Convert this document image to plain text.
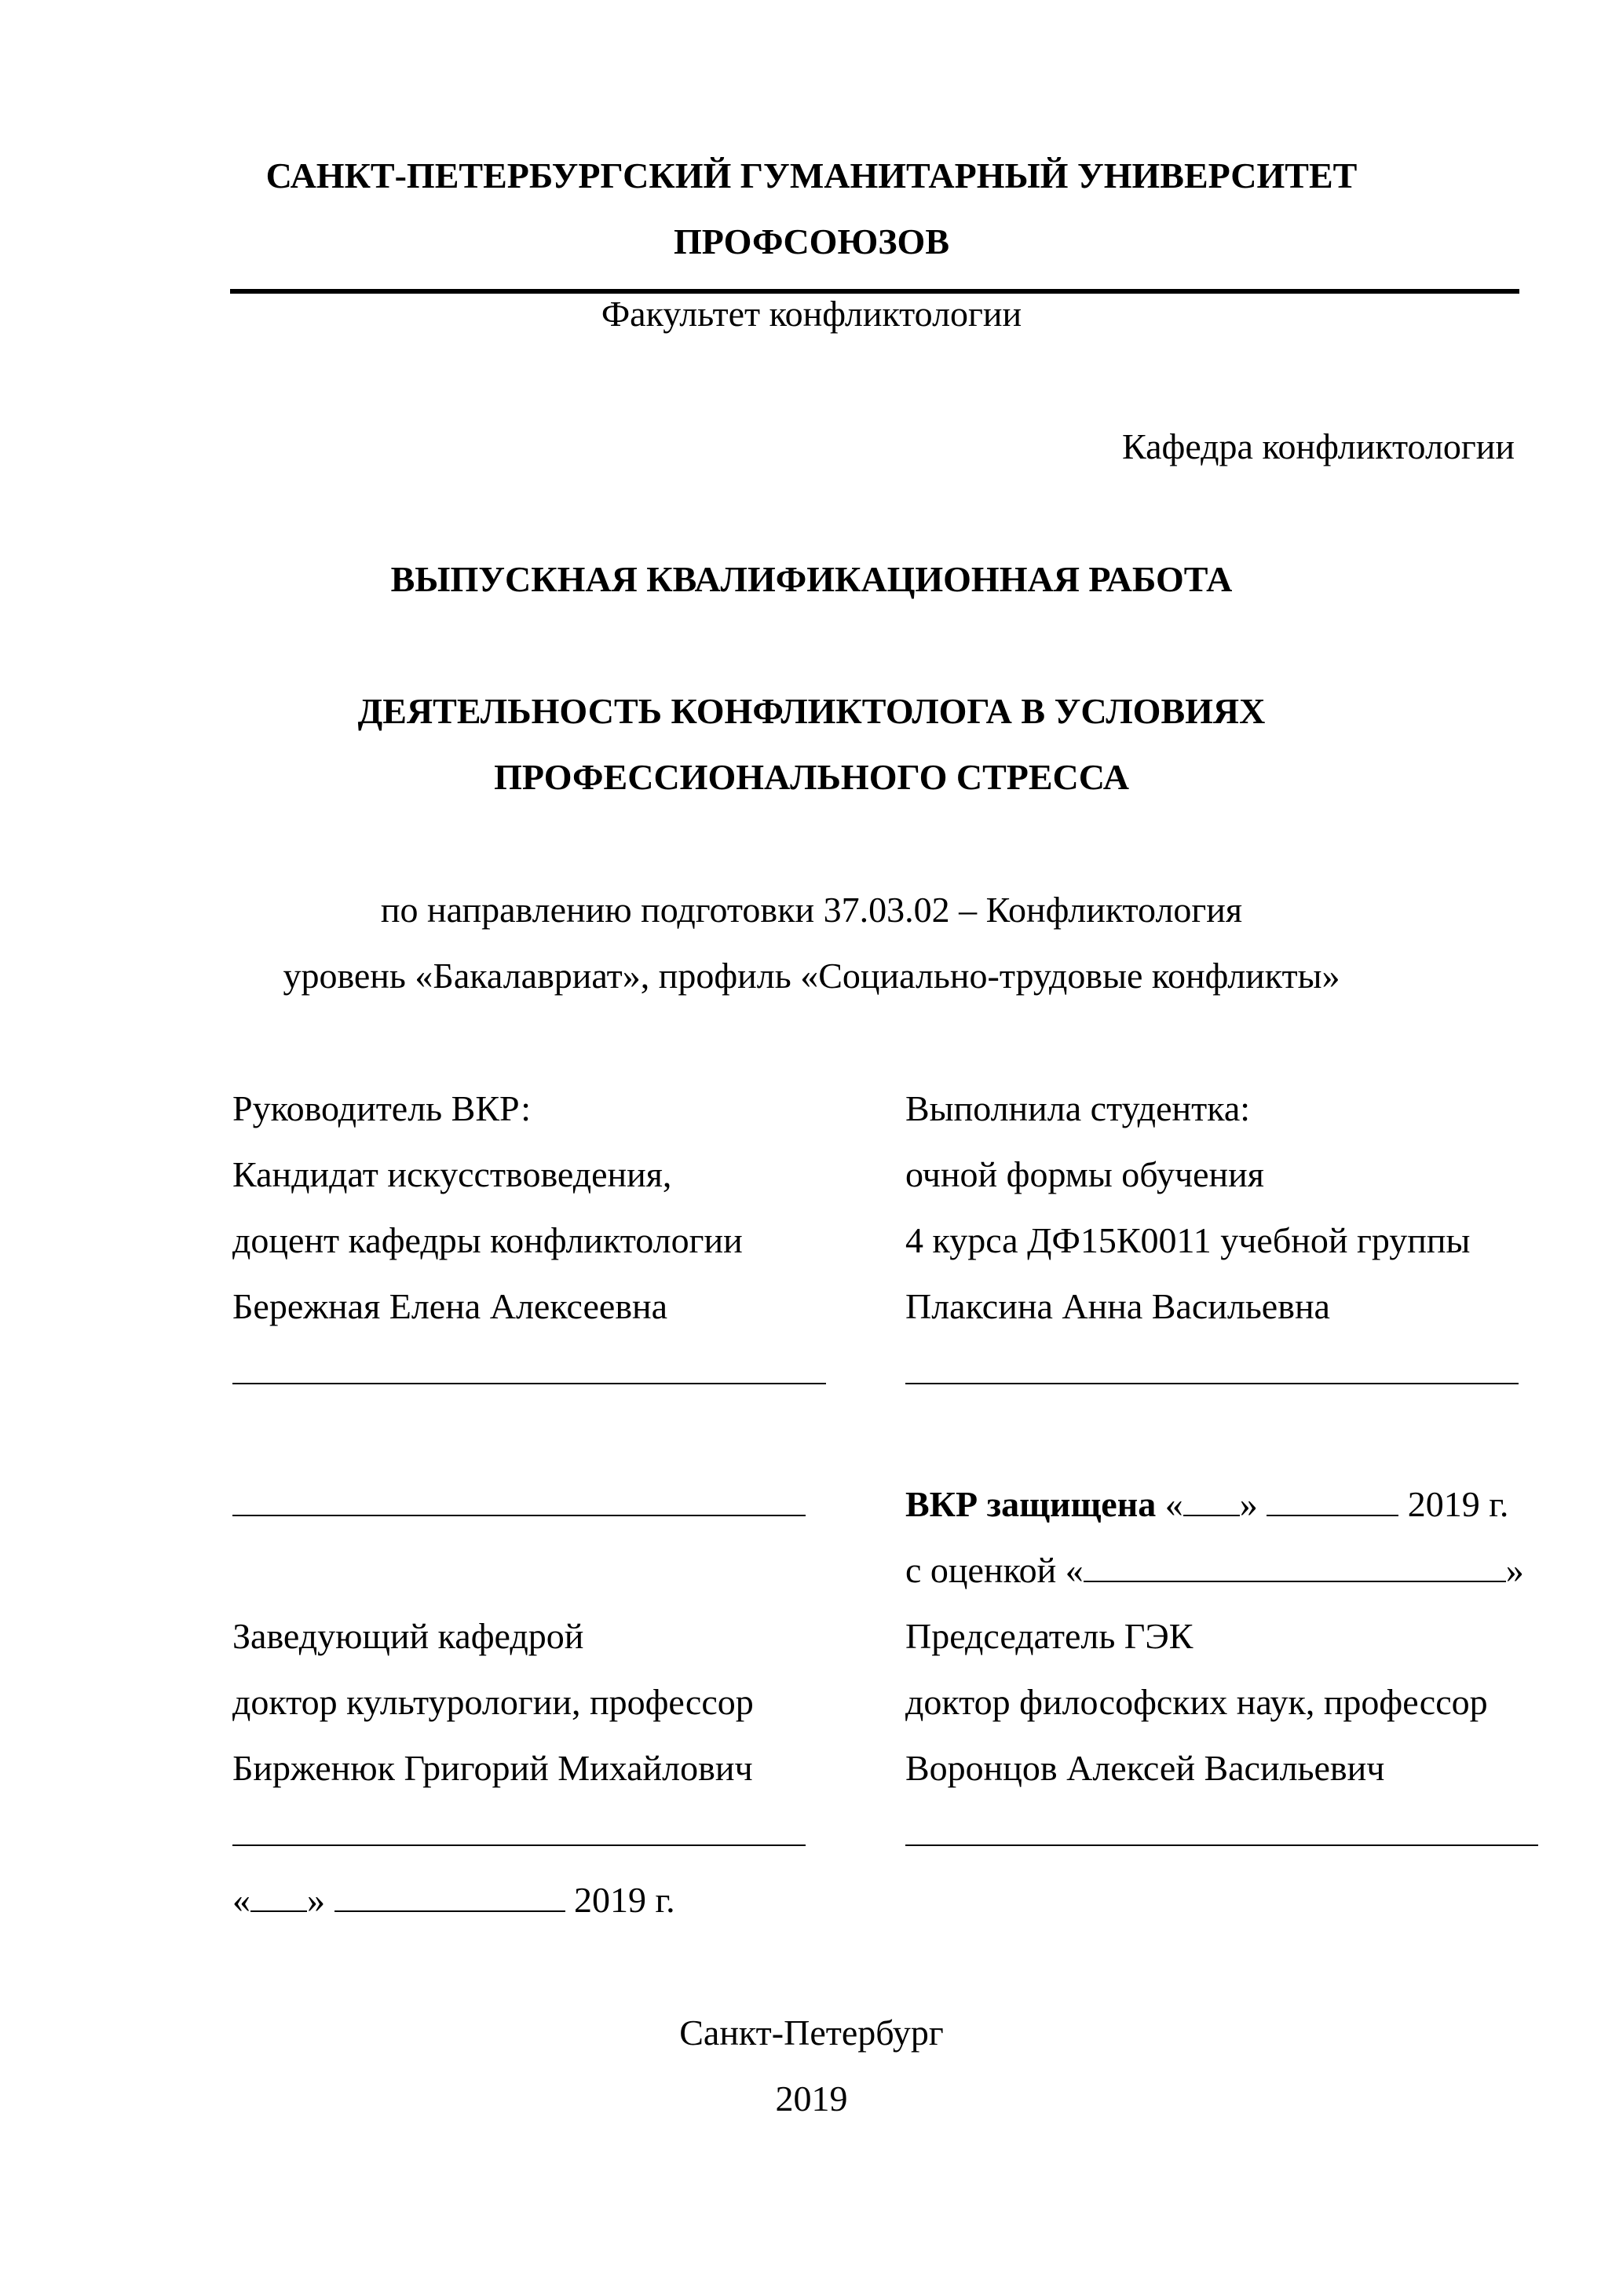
САНКТ-ПЕТЕРБУРГСКИЙ ГУМАНИТАРНЫЙ УНИВЕРСИТЕТ
ПРОФСОЮЗОВ
Факультет конфликтологии
Кафедра конфликтологии
ВЫПУСКНАЯ КВАЛИФИКАЦИОННАЯ РАБОТА
ДЕЯТЕЛЬНОСТЬ КОНФЛИКТОЛОГА В УСЛОВИЯХ
ПРОФЕССИОНАЛЬНОГО СТРЕССА
по направлению подготовки 37.03.02 – Конфликтология
уровень «Бакалавриат», профиль «Социально-трудовые конфликты»
Руководитель ВКР:
Кандидат искусствоведения,
доцент кафедры конфликтологии
Бережная Елена Алексеевна
Выполнила студентка:
очной формы обучения
4 курса ДФ15К0011 учебной группы
Плаксина Анна Васильевна
ВКР защищена « »	2019 г.
с оценкой «	»
Заведующий кафедрой
доктор культурологии, профессор
Бирженюк Григорий Михайлович
« »	2019 г.
Председатель ГЭК
доктор философских наук, профессор
Воронцов Алексей Васильевич
Санкт-Петербург
2019
